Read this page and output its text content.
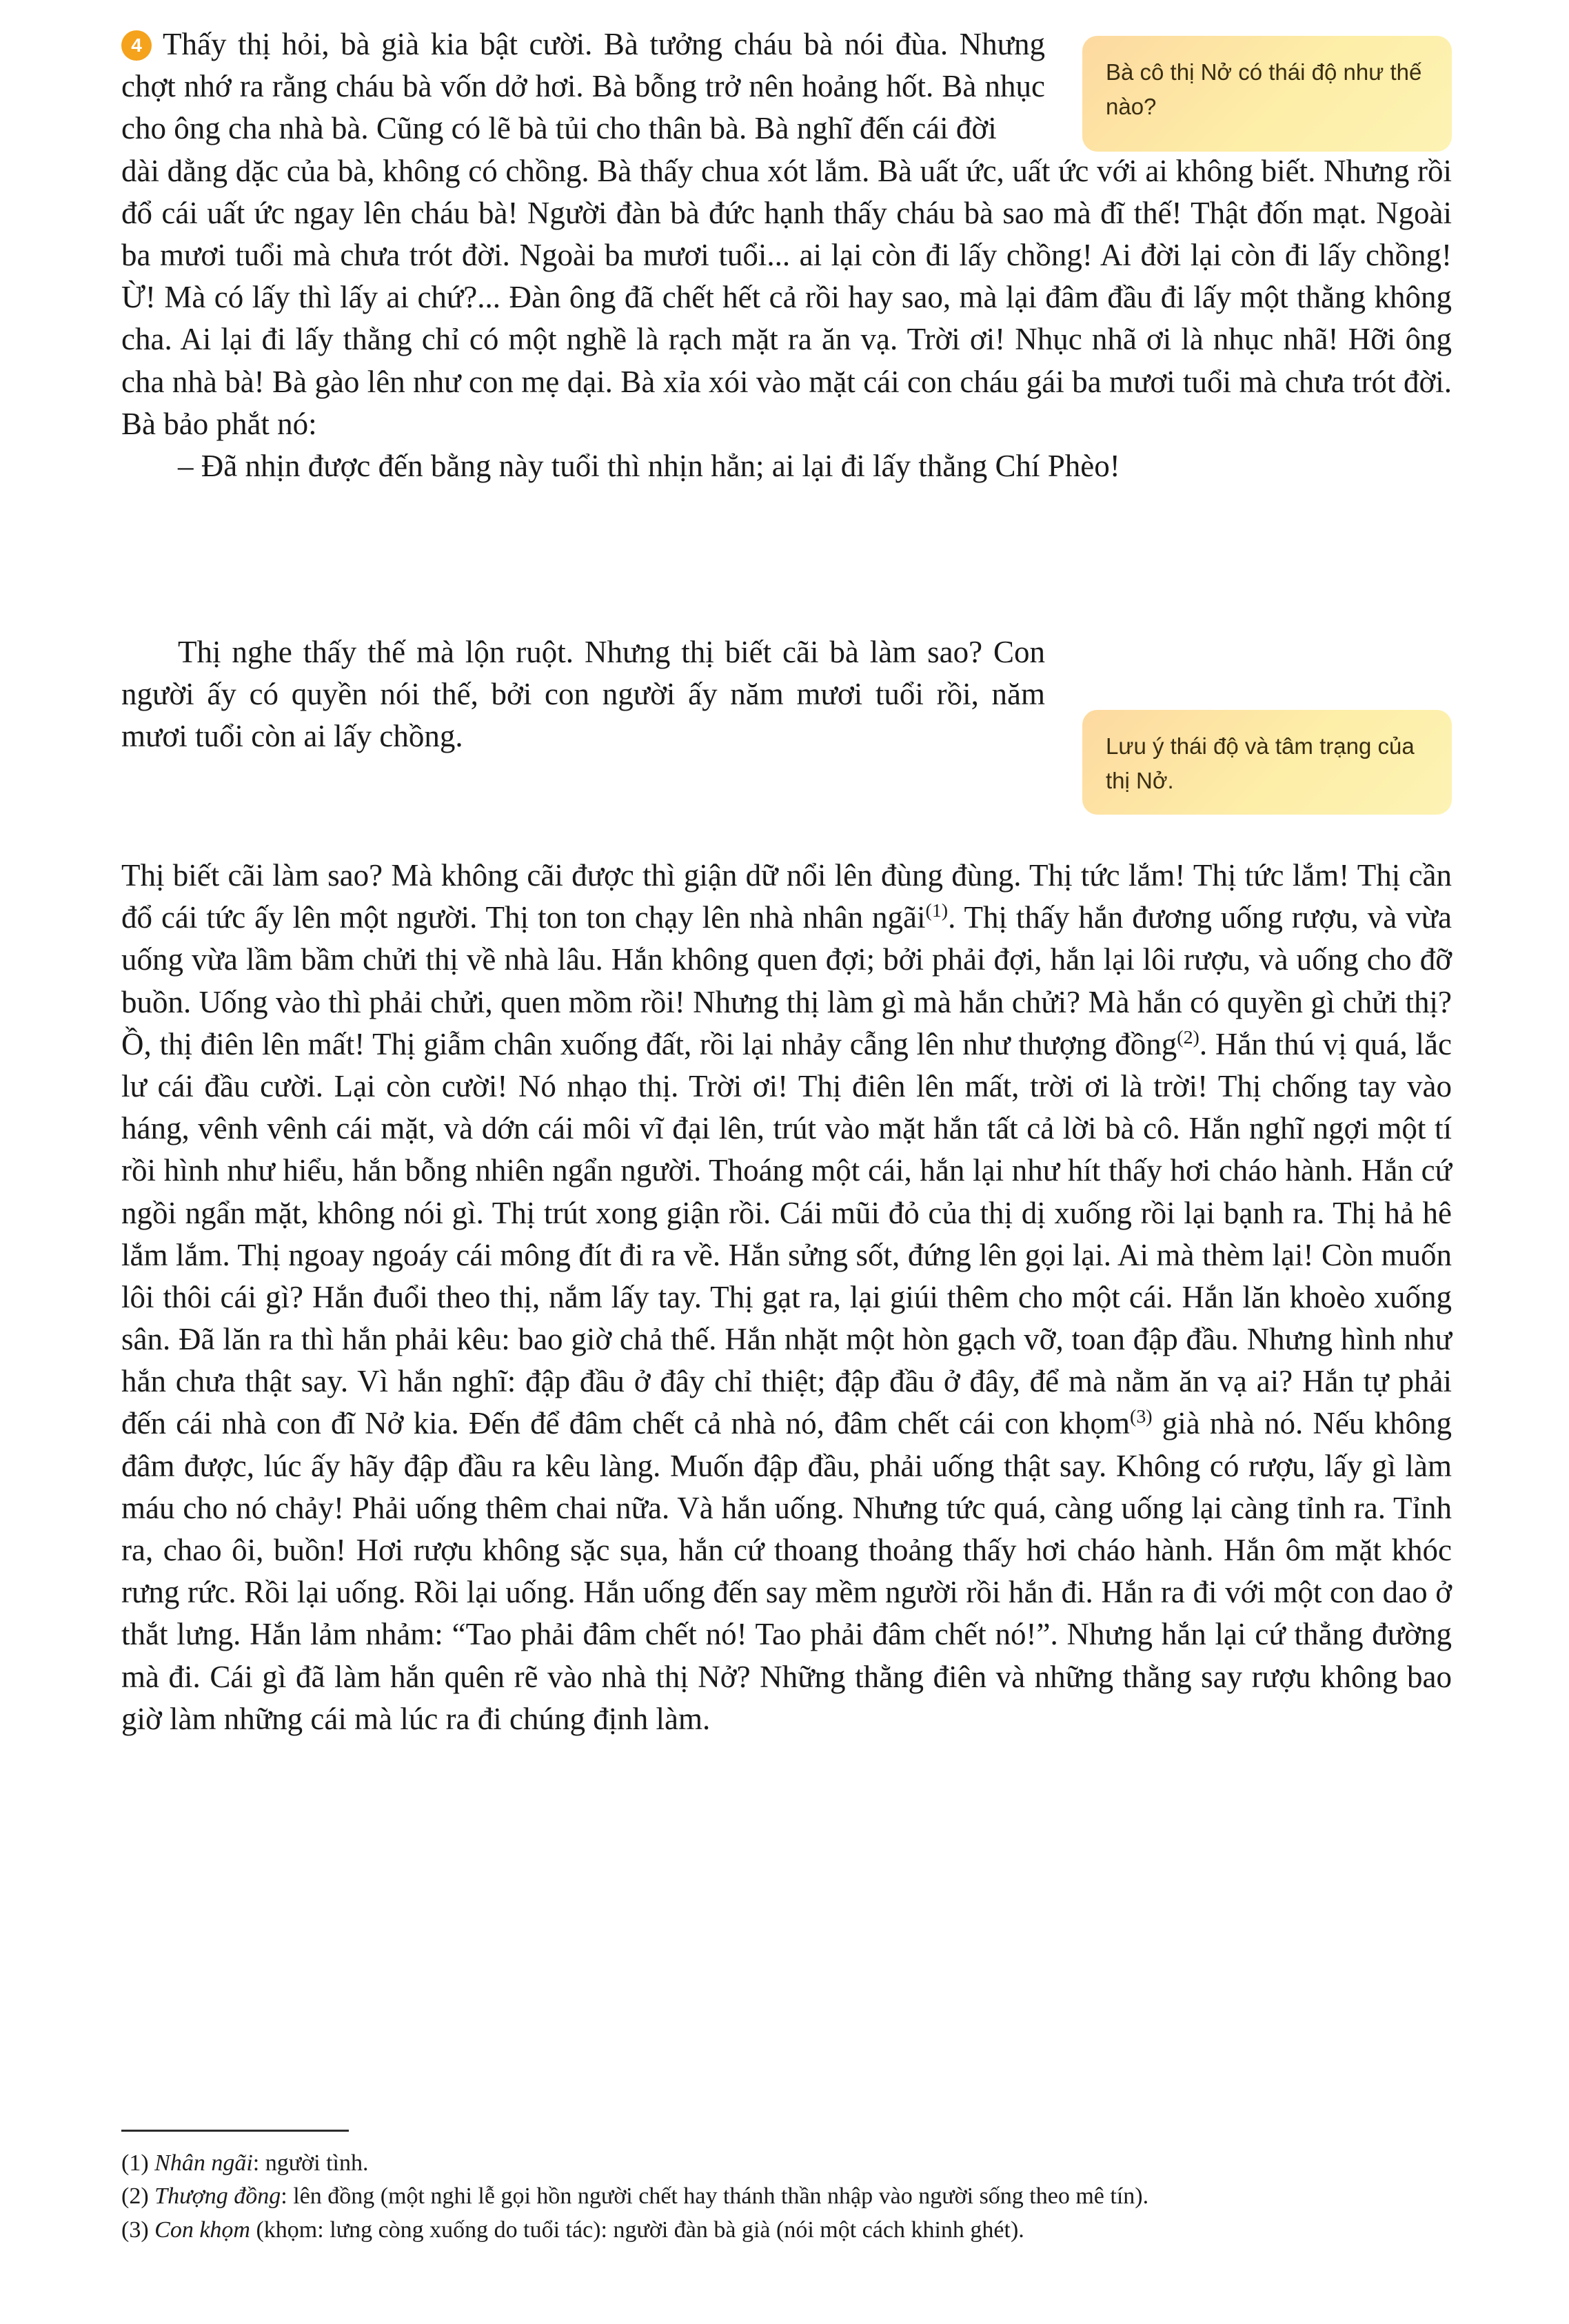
4 Thấy thị hỏi, bà già kia bật cười. Bà tưởng cháu bà nói đùa. Nhưng chợt nhớ ra rằng cháu bà vốn dở hơi. Bà bỗng trở nên hoảng hốt. Bà nhục cho ông cha nhà bà. Cũng có lẽ bà tủi cho thân bà. Bà nghĩ đến cái đời

dài dằng dặc của bà, không có chồng. Bà thấy chua xót lắm. Bà uất ức, uất ức với ai không biết. Nhưng rồi đổ cái uất ức ngay lên cháu bà! Người đàn bà đức hạnh thấy cháu bà sao mà đĩ thế! Thật đốn mạt. Ngoài ba mươi tuổi mà chưa trót đời. Ngoài ba mươi tuổi... ai lại còn đi lấy chồng! Ai đời lại còn đi lấy chồng! Ừ! Mà có lấy thì lấy ai chứ?... Đàn ông đã chết hết cả rồi hay sao, mà lại đâm đầu đi lấy một thằng không cha. Ai lại đi lấy thằng chỉ có một nghề là rạch mặt ra ăn vạ. Trời ơi! Nhục nhã ơi là nhục nhã! Hỡi ông cha nhà bà! Bà gào lên như con mẹ dại. Bà xỉa xói vào mặt cái con cháu gái ba mươi tuổi mà chưa trót đời. Bà bảo phắt nó:

– Đã nhịn được đến bằng này tuổi thì nhịn hẳn; ai lại đi lấy thằng Chí Phèo!

Thị nghe thấy thế mà lộn ruột. Nhưng thị biết cãi bà làm sao? Con người ấy có quyền nói thế, bởi con người ấy năm mươi tuổi rồi, năm mươi tuổi còn ai lấy chồng.

Thị biết cãi làm sao? Mà không cãi được thì giận dữ nổi lên đùng đùng. Thị tức lắm! Thị tức lắm! Thị cần đổ cái tức ấy lên một người. Thị ton ton chạy lên nhà nhân ngãi$^{(1)}$. Thị thấy hắn đương uống rượu, và vừa uống vừa lầm bầm chửi thị về nhà lâu. Hắn không quen đợi; bởi phải đợi, hắn lại lôi rượu, và uống cho đỡ buồn. Uống vào thì phải chửi, quen mồm rồi! Nhưng thị làm gì mà hắn chửi? Mà hắn có quyền gì chửi thị? Ồ, thị điên lên mất! Thị giẫm chân xuống đất, rồi lại nhảy cẫng lên như thượng đồng$^{(2)}$. Hắn thú vị quá, lắc lư cái đầu cười. Lại còn cười! Nó nhạo thị. Trời ơi! Thị điên lên mất, trời ơi là trời! Thị chống tay vào háng, vênh vênh cái mặt, và dớn cái môi vĩ đại lên, trút vào mặt hắn tất cả lời bà cô. Hắn nghĩ ngợi một tí rồi hình như hiểu, hắn bỗng nhiên ngẩn người. Thoáng một cái, hắn lại như hít thấy hơi cháo hành. Hắn cứ ngồi ngẩn mặt, không nói gì. Thị trút xong giận rồi. Cái mũi đỏ của thị dị xuống rồi lại bạnh ra. Thị hả hê lắm lắm. Thị ngoay ngoáy cái mông đít đi ra về. Hắn sửng sốt, đứng lên gọi lại. Ai mà thèm lại! Còn muốn lôi thôi cái gì? Hắn đuổi theo thị, nắm lấy tay. Thị gạt ra, lại giúi thêm cho một cái. Hắn lăn khoèo xuống sân. Đã lăn ra thì hắn phải kêu: bao giờ chả thế. Hắn nhặt một hòn gạch vỡ, toan đập đầu. Nhưng hình như hắn chưa thật say. Vì hắn nghĩ: đập đầu ở đây chỉ thiệt; đập đầu ở đây, để mà nằm ăn vạ ai? Hắn tự phải đến cái nhà con đĩ Nở kia. Đến để đâm chết cả nhà nó, đâm chết cái con khọm$^{(3)}$ già nhà nó. Nếu không đâm được, lúc ấy hãy đập đầu ra kêu làng. Muốn đập đầu, phải uống thật say. Không có rượu, lấy gì làm máu cho nó chảy! Phải uống thêm chai nữa. Và hắn uống. Nhưng tức quá, càng uống lại càng tỉnh ra. Tỉnh ra, chao ôi, buồn! Hơi rượu không sặc sụa, hắn cứ thoang thoảng thấy hơi cháo hành. Hắn ôm mặt khóc rưng rức. Rồi lại uống. Rồi lại uống. Hắn uống đến say mềm người rồi hắn đi. Hắn ra đi với một con dao ở thắt lưng. Hắn lảm nhảm: “Tao phải đâm chết nó! Tao phải đâm chết nó!”. Nhưng hắn lại cứ thẳng đường mà đi. Cái gì đã làm hắn quên rẽ vào nhà thị Nở? Những thằng điên và những thằng say rượu không bao giờ làm những cái mà lúc ra đi chúng định làm.

Bà cô thị Nở có thái độ như thế nào?
Lưu ý thái độ và tâm trạng của thị Nở.

(1) Nhân ngãi: người tình.

(2) Thượng đồng: lên đồng (một nghi lễ gọi hồn người chết hay thánh thần nhập vào người sống theo mê tín).

(3) Con khọm (khọm: lưng còng xuống do tuổi tác): người đàn bà già (nói một cách khinh ghét).
